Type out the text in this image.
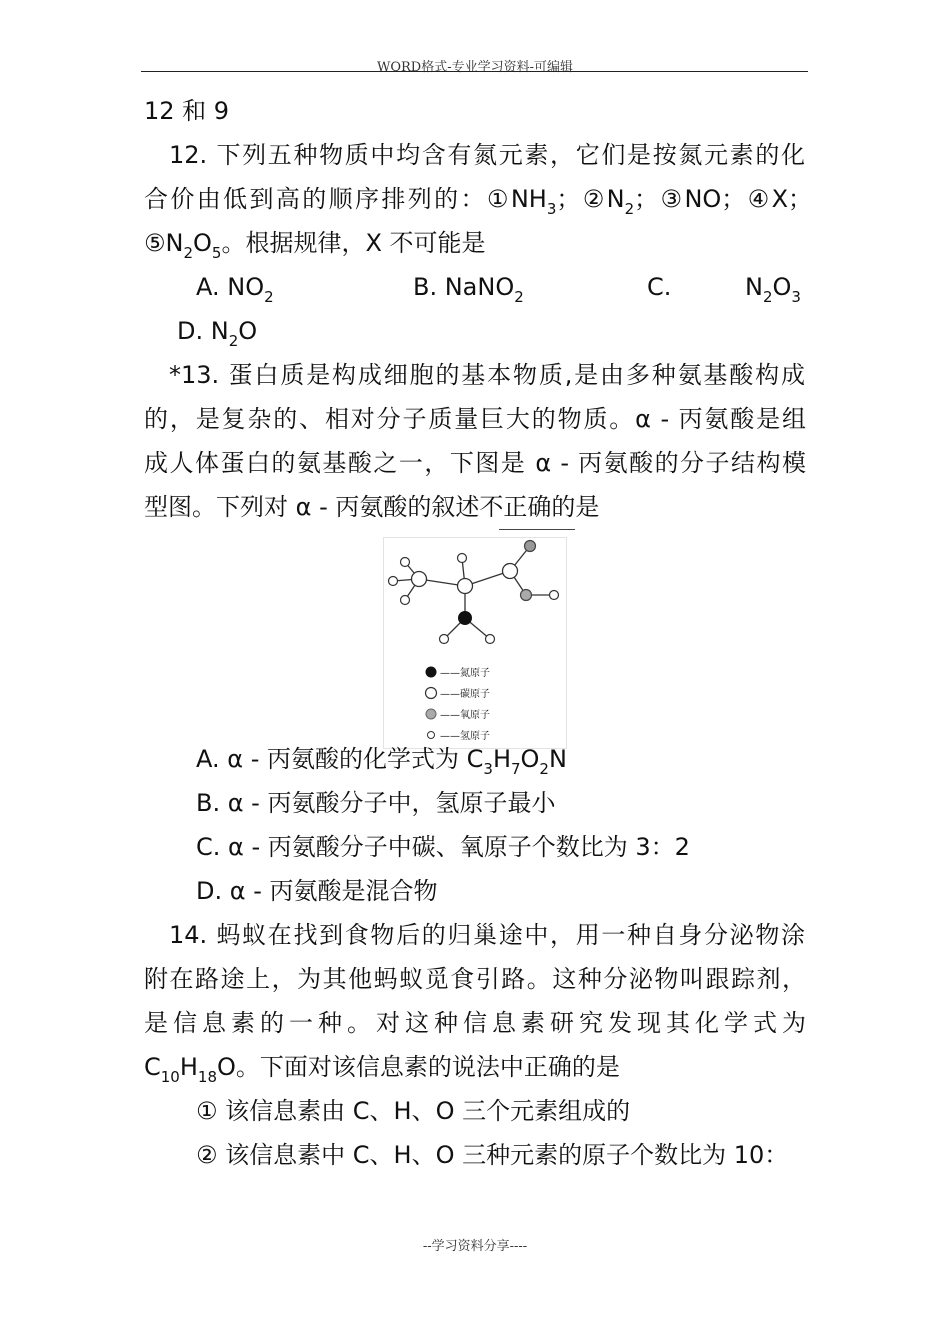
WORD格式-专业学习资料-可编辑
12 和 9
12. 下列五种物质中均含有氮元素，它们是按氮元素的化
合价由低到高的顺序排列的：$①NH_3$；$②N_2$；③NO；④X；
$⑤N_2O_5$。根据规律，X 不可能是
A. $NO_2$	B. NaNO$_2$	C.	$N_2O_3$
D. $N_2O$
*13. 蛋白质是构成细胞的基本物质,是由多种氨基酸构成
的，是复杂的、相对分子质量巨大的物质。α - 丙氨酸是组
成人体蛋白的氨基酸之一，下图是 α - 丙氨酸的分子结构模
型图。下列对 α - 丙氨酸的叙述不正确的是
——氮原子
——碳原子
——氧原子
——氢原子
A. α - 丙氨酸的化学式为 $C_3H_7O_2N$
B. α - 丙氨酸分子中，氢原子最小
C. α - 丙氨酸分子中碳、氧原子个数比为 3：2
D. α - 丙氨酸是混合物
14. 蚂蚁在找到食物后的归巢途中，用一种自身分泌物涂
附在路途上，为其他蚂蚁觅食引路。这种分泌物叫跟踪剂，
是信息素的一种。对这种信息素研究发现其化学式为
$C_{10}H_{18}O$。下面对该信息素的说法中正确的是
① 该信息素由 C、H、O 三个元素组成的
② 该信息素中 C、H、O 三种元素的原子个数比为 10：
--学习资料分享----
